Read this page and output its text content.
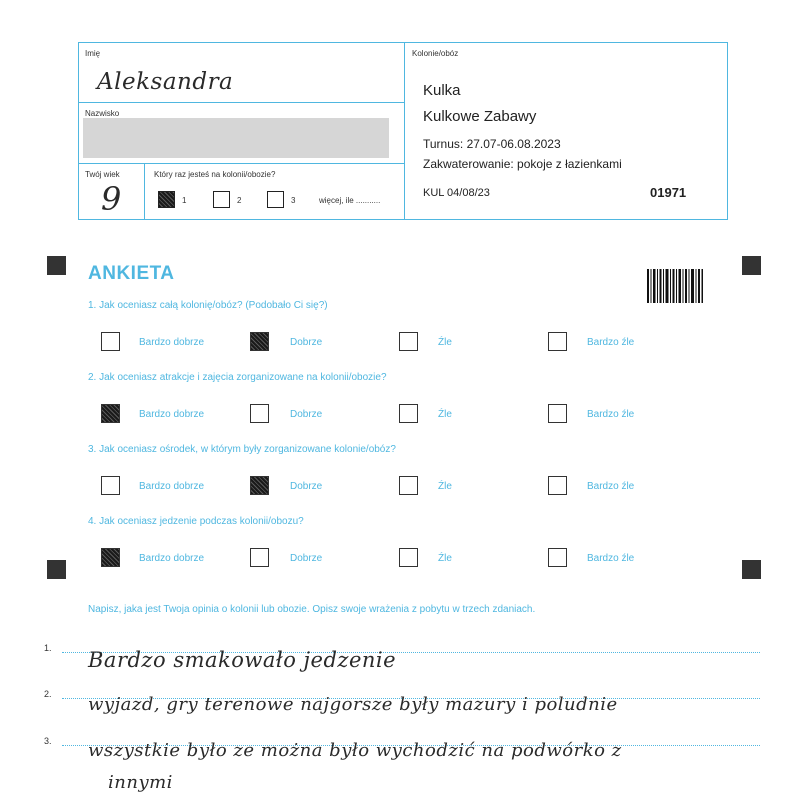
Imię
Aleksandra
Nazwisko
Twój wiek
9
Który raz jesteś na kolonii/obozie?
1	2	3	więcej, ile ...........
Kolonie/obóz
Kulka
Kulkowe Zabawy
Turnus: 27.07-06.08.2023
Zakwaterowanie: pokoje z łazienkami
KUL 04/08/23	01971
ANKIETA
1. Jak oceniasz całą kolonię/obóz? (Podobało Ci się?)
Bardzo dobrze	Dobrze	Źle	Bardzo źle
2. Jak oceniasz atrakcje i zajęcia zorganizowane na kolonii/obozie?
Bardzo dobrze	Dobrze	Źle	Bardzo źle
3. Jak oceniasz ośrodek, w którym były zorganizowane kolonie/obóz?
Bardzo dobrze	Dobrze	Źle	Bardzo źle
4. Jak oceniasz jedzenie podczas kolonii/obozu?
Bardzo dobrze	Dobrze	Źle	Bardzo źle
Napisz, jaka jest Twoja opinia o kolonii lub obozie. Opisz swoje wrażenia z pobytu w trzech zdaniach.
1. Bardzo smakowało jedzenie
2. wyjazd, gry terenowe najgorsze były mazury i poludnie
3. wszystkie było ze można było wychodzić na podwórko z
innymi
